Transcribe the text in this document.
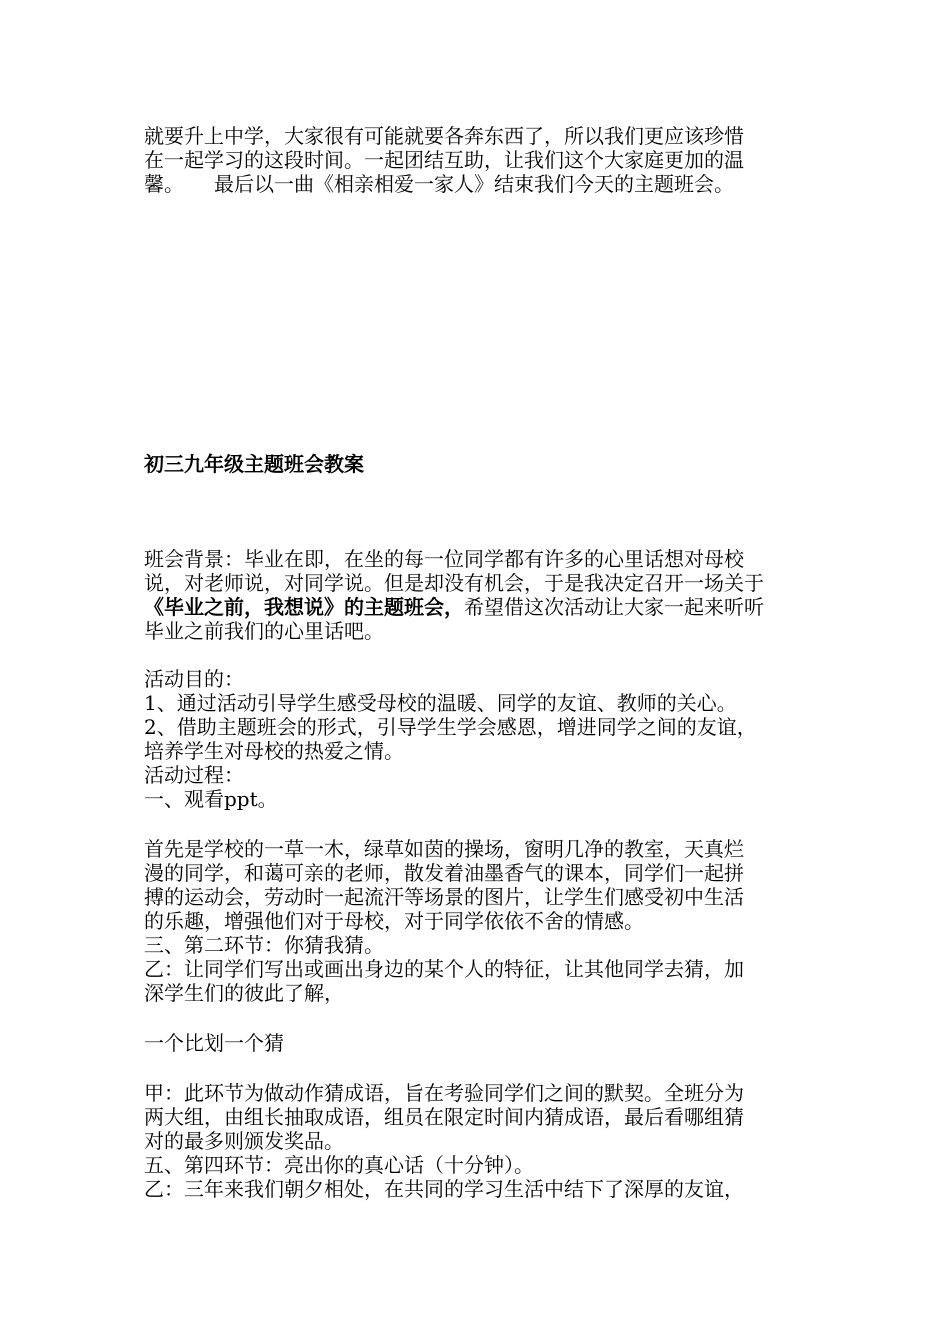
就要升上中学，大家很有可能就要各奔东西了，所以我们更应该珍惜

在一起学习的这段时间。一起团结互助，让我们这个大家庭更加的温

馨。　　最后以一曲《相亲相爱一家人》结束我们今天的主题班会。

初三九年级主题班会教案

班会背景：毕业在即，在坐的每一位同学都有许多的心里话想对母校

说，对老师说，对同学说。但是却没有机会，于是我决定召开一场关于

《毕业之前，我想说》的主题班会，希望借这次活动让大家一起来听听

毕业之前我们的心里话吧。

活动目的：

1、通过活动引导学生感受母校的温暖、同学的友谊、教师的关心。

2、借助主题班会的形式，引导学生学会感恩，增进同学之间的友谊，

培养学生对母校的热爱之情。

活动过程：

一、观看ppt。

首先是学校的一草一木，绿草如茵的操场，窗明几净的教室，天真烂

漫的同学，和蔼可亲的老师，散发着油墨香气的课本，同学们一起拼

搏的运动会，劳动时一起流汗等场景的图片，让学生们感受初中生活

的乐趣，增强他们对于母校，对于同学依依不舍的情感。

三、第二环节：你猜我猜。

乙：让同学们写出或画出身边的某个人的特征，让其他同学去猜，加

深学生们的彼此了解，

一个比划一个猜

甲：此环节为做动作猜成语，旨在考验同学们之间的默契。全班分为

两大组，由组长抽取成语，组员在限定时间内猜成语，最后看哪组猜

对的最多则颁发奖品。

五、第四环节：亮出你的真心话（十分钟）。

乙：三年来我们朝夕相处，在共同的学习生活中结下了深厚的友谊，
